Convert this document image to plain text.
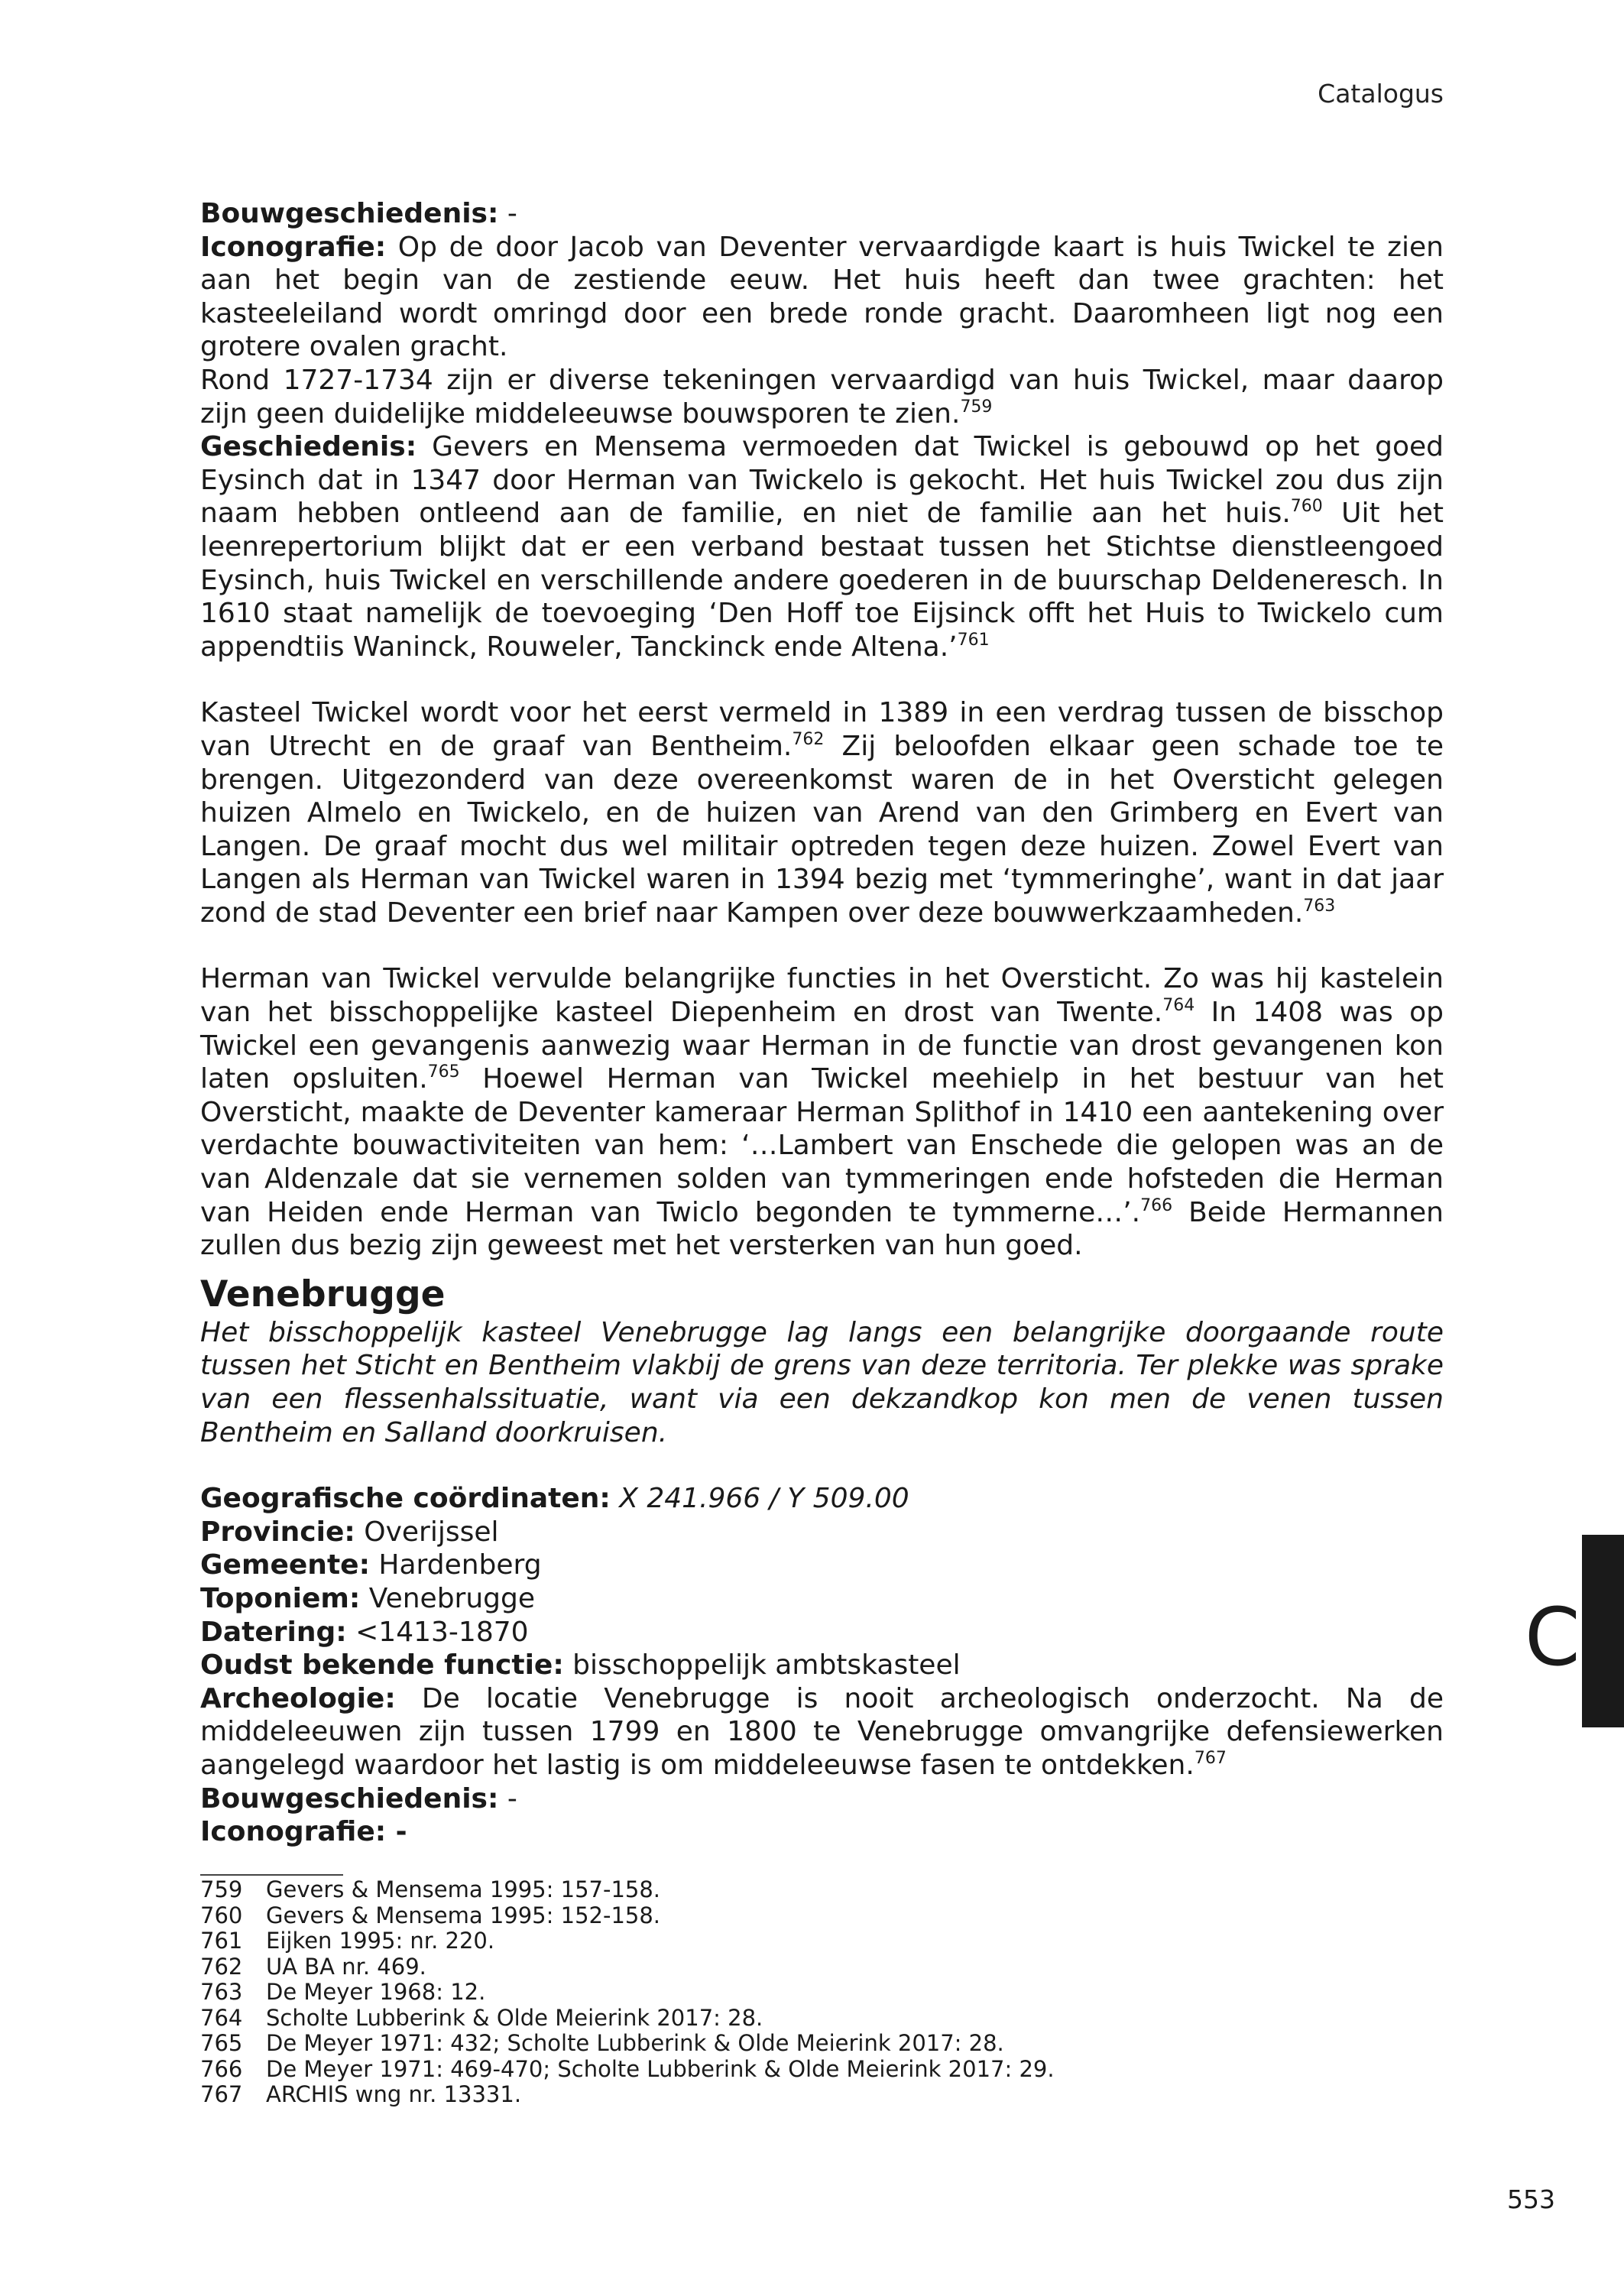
Catalogus

Bouwgeschiedenis: -

Iconografie: Op de door Jacob van Deventer vervaardigde kaart is huis Twickel te zien aan het begin van de zestiende eeuw. Het huis heeft dan twee grachten: het kasteeleiland wordt omringd door een brede ronde gracht. Daaromheen ligt nog een grotere ovalen gracht.

Rond 1727-1734 zijn er diverse tekeningen vervaardigd van huis Twickel, maar daarop zijn geen duidelijke middeleeuwse bouwsporen te zien.$^{759}$

Geschiedenis: Gevers en Mensema vermoeden dat Twickel is gebouwd op het goed Eysinch dat in 1347 door Herman van Twickelo is gekocht. Het huis Twickel zou dus zijn naam hebben ontleend aan de familie, en niet de familie aan het huis.$^{760}$ Uit het leenrepertorium blijkt dat er een verband bestaat tussen het Stichtse dienstleengoed Eysinch, huis Twickel en verschillende andere goederen in de buurschap Deldeneresch. In 1610 staat namelijk de toevoeging ‘Den Hoff toe Eijsinck offt het Huis to Twickelo cum appendtiis Waninck, Rouweler, Tanckinck ende Altena.’$^{761}$

Kasteel Twickel wordt voor het eerst vermeld in 1389 in een verdrag tussen de bisschop van Utrecht en de graaf van Bentheim.$^{762}$ Zij beloofden elkaar geen schade toe te brengen. Uitgezonderd van deze overeenkomst waren de in het Oversticht gelegen huizen Almelo en Twickelo, en de huizen van Arend van den Grimberg en Evert van Langen. De graaf mocht dus wel militair optreden tegen deze huizen. Zowel Evert van Langen als Herman van Twickel waren in 1394 bezig met ‘tymmeringhe’, want in dat jaar zond de stad Deventer een brief naar Kampen over deze bouwwerkzaamheden.$^{763}$

Herman van Twickel vervulde belangrijke functies in het Oversticht. Zo was hij kastelein van het bisschoppelijke kasteel Diepenheim en drost van Twente.$^{764}$ In 1408 was op Twickel een gevangenis aanwezig waar Herman in de functie van drost gevangenen kon laten opsluiten.$^{765}$ Hoewel Herman van Twickel meehielp in het bestuur van het Oversticht, maakte de Deventer kameraar Herman Splithof in 1410 een aantekening over verdachte bouwactiviteiten van hem: ‘…Lambert van Enschede die gelopen was an de van Aldenzale dat sie vernemen solden van tymmeringen ende hofsteden die Herman van Heiden ende Herman van Twiclo begonden te tymmerne…’.$^{766}$ Beide Hermannen zullen dus bezig zijn geweest met het versterken van hun goed.

Venebrugge

Het bisschoppelijk kasteel Venebrugge lag langs een belangrijke doorgaande route tussen het Sticht en Bentheim vlakbij de grens van deze territoria. Ter plekke was sprake van een flessenhalssituatie, want via een dekzandkop kon men de venen tussen Bentheim en Salland doorkruisen.

Geografische coördinaten: X 241.966 / Y 509.00

Provincie: Overijssel

Gemeente: Hardenberg

Toponiem: Venebrugge

Datering: <1413-1870

Oudst bekende functie: bisschoppelijk ambtskasteel

Archeologie: De locatie Venebrugge is nooit archeologisch onderzocht. Na de middeleeuwen zijn tussen 1799 en 1800 te Venebrugge omvangrijke defensiewerken aangelegd waardoor het lastig is om middeleeuwse fasen te ontdekken.$^{767}$

Bouwgeschiedenis: -

Iconografie: -

759	Gevers & Mensema 1995: 157-158.
760	Gevers & Mensema 1995: 152-158.
761	Eijken 1995: nr. 220.
762	UA BA nr. 469.
763	De Meyer 1968: 12.
764	Scholte Lubberink & Olde Meierink 2017: 28.
765	De Meyer 1971: 432; Scholte Lubberink & Olde Meierink 2017: 28.
766	De Meyer 1971: 469-470; Scholte Lubberink & Olde Meierink 2017: 29.
767	ARCHIS wng nr. 13331.
C
553
